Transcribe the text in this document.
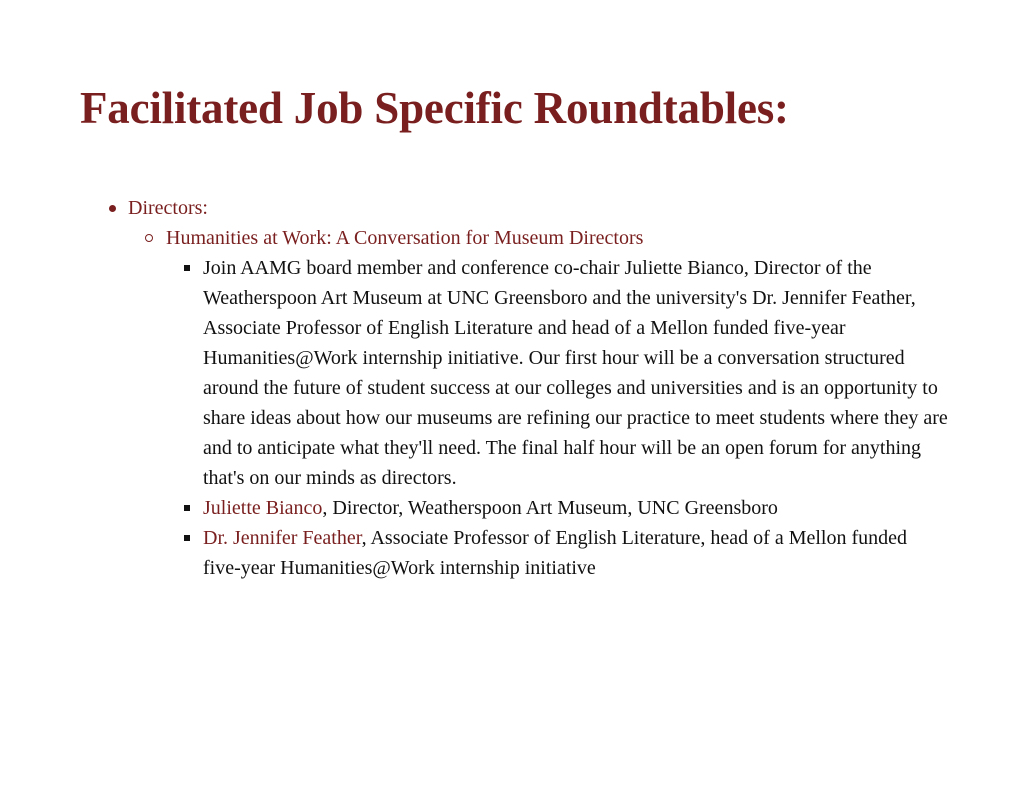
Facilitated Job Specific Roundtables:
Directors:
Humanities at Work: A Conversation for Museum Directors
Join AAMG board member and conference co-chair Juliette Bianco, Director of the Weatherspoon Art Museum at UNC Greensboro and the university's Dr. Jennifer Feather, Associate Professor of English Literature and head of a Mellon funded five-year Humanities@Work internship initiative. Our first hour will be a conversation structured around the future of student success at our colleges and universities and is an opportunity to share ideas about how our museums are refining our practice to meet students where they are and to anticipate what they'll need. The final half hour will be an open forum for anything that's on our minds as directors.
Juliette Bianco, Director, Weatherspoon Art Museum, UNC Greensboro
Dr. Jennifer Feather, Associate Professor of English Literature, head of a Mellon funded five-year Humanities@Work internship initiative
